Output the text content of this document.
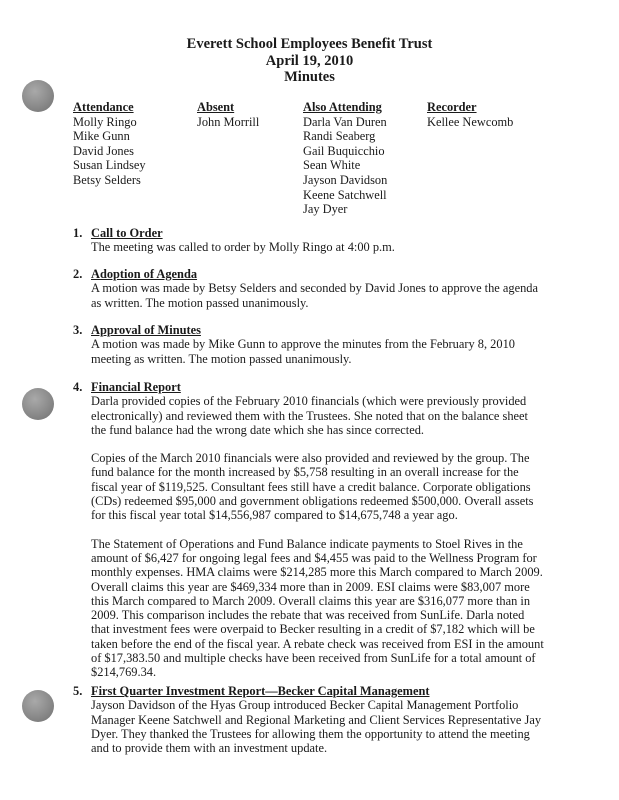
Everett School Employees Benefit Trust
April 19, 2010
Minutes
Attendance
Molly Ringo
Mike Gunn
David Jones
Susan Lindsey
Betsy Selders
Absent
John Morrill
Also Attending
Darla Van Duren
Randi Seaberg
Gail Buquicchio
Sean White
Jayson Davidson
Keene Satchwell
Jay Dyer
Recorder
Kellee Newcomb
1. Call to Order

The meeting was called to order by Molly Ringo at 4:00 p.m.

2. Adoption of Agenda

A motion was made by Betsy Selders and seconded by David Jones to approve the agenda as written. The motion passed unanimously.

3. Approval of Minutes

A motion was made by Mike Gunn to approve the minutes from the February 8, 2010 meeting as written. The motion passed unanimously.

4. Financial Report

Darla provided copies of the February 2010 financials (which were previously provided electronically) and reviewed them with the Trustees. She noted that on the balance sheet the fund balance had the wrong date which she has since corrected.

Copies of the March 2010 financials were also provided and reviewed by the group. The fund balance for the month increased by $5,758 resulting in an overall increase for the fiscal year of $119,525. Consultant fees still have a credit balance. Corporate obligations (CDs) redeemed $95,000 and government obligations redeemed $500,000. Overall assets for this fiscal year total $14,556,987 compared to $14,675,748 a year ago.

The Statement of Operations and Fund Balance indicate payments to Stoel Rives in the amount of $6,427 for ongoing legal fees and $4,455 was paid to the Wellness Program for monthly expenses. HMA claims were $214,285 more this March compared to March 2009. Overall claims this year are $469,334 more than in 2009. ESI claims were $83,007 more this March compared to March 2009. Overall claims this year are $316,077 more than in 2009. This comparison includes the rebate that was received from SunLife. Darla noted that investment fees were overpaid to Becker resulting in a credit of $7,182 which will be taken before the end of the fiscal year. A rebate check was received from ESI in the amount of $17,383.50 and multiple checks have been received from SunLife for a total amount of $214,769.34.

5. First Quarter Investment Report—Becker Capital Management

Jayson Davidson of the Hyas Group introduced Becker Capital Management Portfolio Manager Keene Satchwell and Regional Marketing and Client Services Representative Jay Dyer. They thanked the Trustees for allowing them the opportunity to attend the meeting and to provide them with an investment update.
